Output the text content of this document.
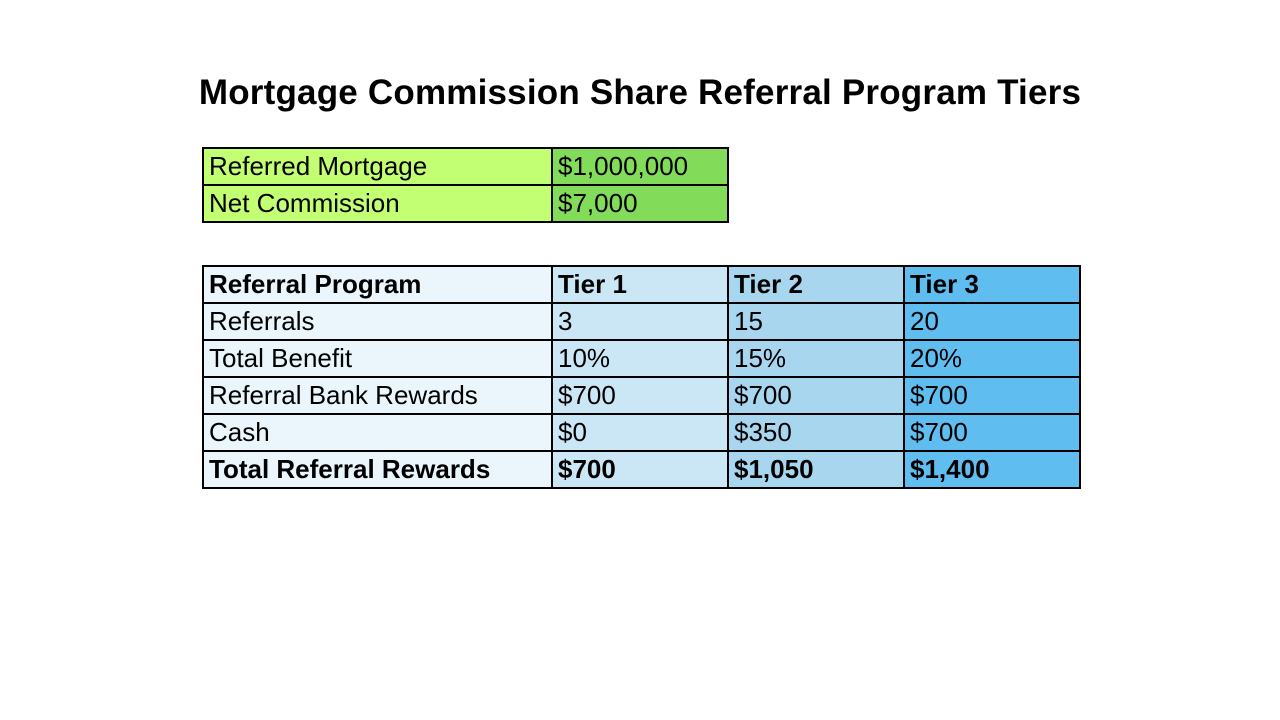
Mortgage Commission Share Referral Program Tiers
Referred Mortgage	$1,000,000
Net Commission	$7,000
Referral Program	Tier 1	Tier 2	Tier 3
Referrals	3	15	20
Total Benefit	10%	15%	20%
Referral Bank Rewards	$700	$700	$700
Cash	$0	$350	$700
Total Referral Rewards	$700	$1,050	$1,400
